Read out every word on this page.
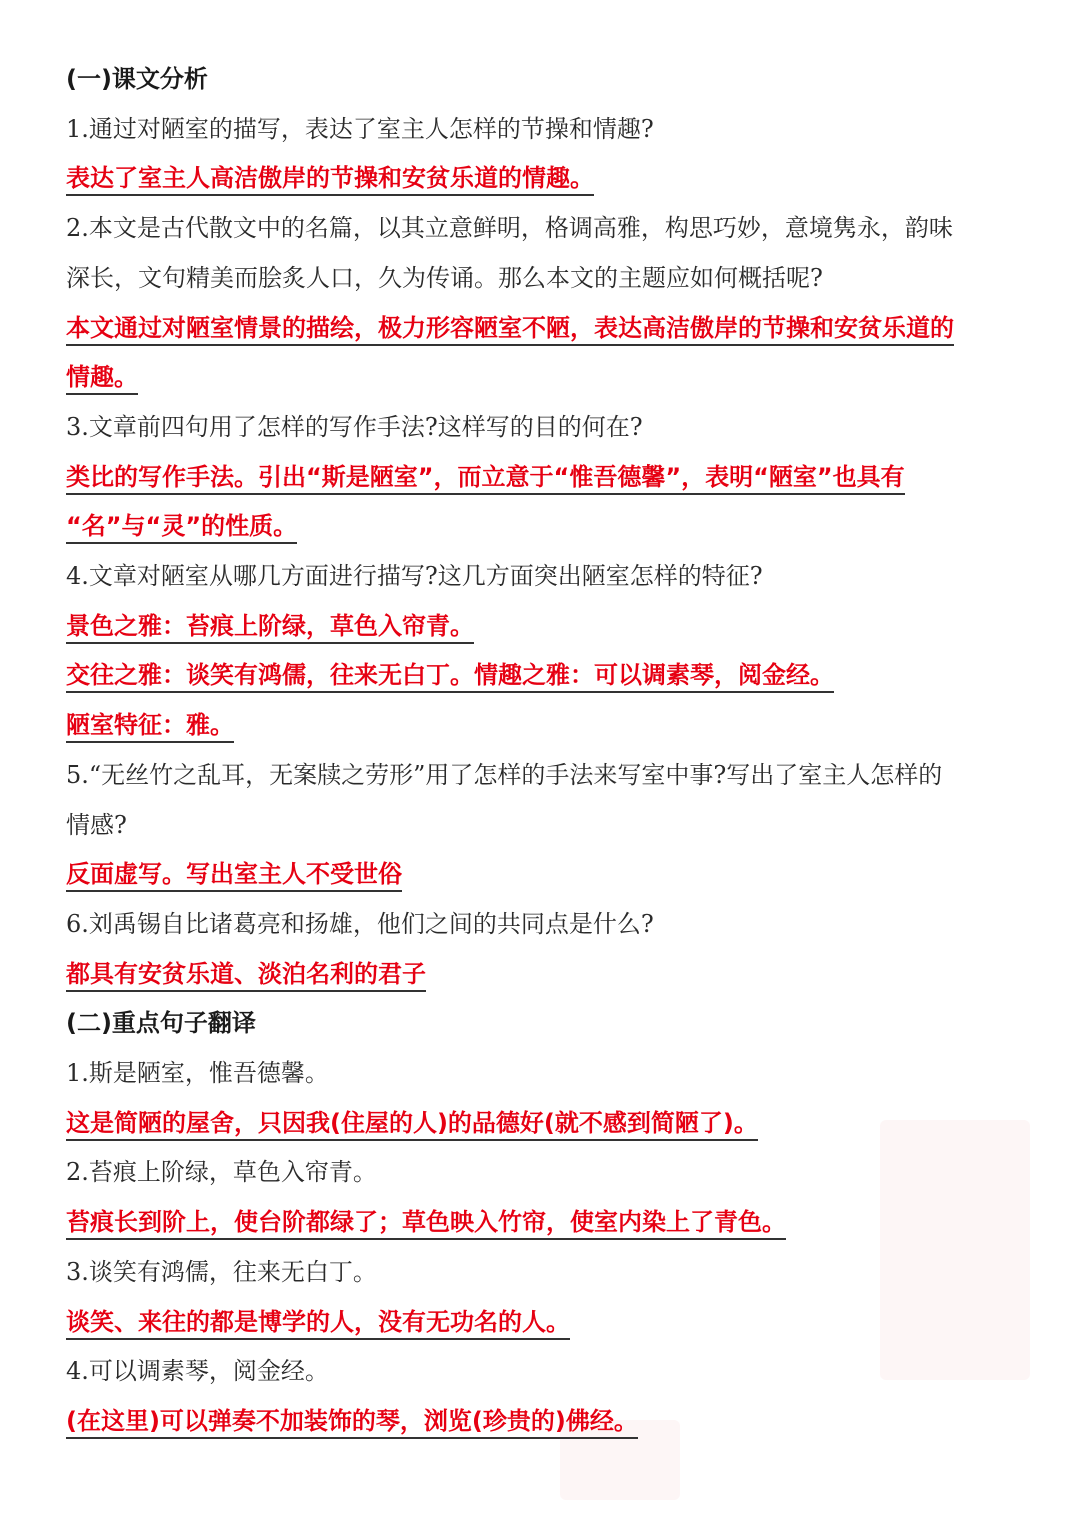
(一)课文分析
1.通过对陋室的描写，表达了室主人怎样的节操和情趣?
表达了室主人高洁傲岸的节操和安贫乐道的情趣。
2.本文是古代散文中的名篇，以其立意鲜明，格调高雅，构思巧妙，意境隽永，韵味
深长，文句精美而脍炙人口，久为传诵。那么本文的主题应如何概括呢?
本文通过对陋室情景的描绘，极力形容陋室不陋，表达高洁傲岸的节操和安贫乐道的
情趣。
3.文章前四句用了怎样的写作手法?这样写的目的何在?
类比的写作手法。引出“斯是陋室”，而立意于“惟吾德馨”，表明“陋室”也具有
“名”与“灵”的性质。
4.文章对陋室从哪几方面进行描写?这几方面突出陋室怎样的特征?
景色之雅：苔痕上阶绿，草色入帘青。
交往之雅：谈笑有鸿儒，往来无白丁。情趣之雅：可以调素琴，阅金经。
陋室特征：雅。
5.“无丝竹之乱耳，无案牍之劳形”用了怎样的手法来写室中事?写出了室主人怎样的
情感?
反面虚写。写出室主人不受世俗
6.刘禹锡自比诸葛亮和扬雄，他们之间的共同点是什么?
都具有安贫乐道、淡泊名利的君子
(二)重点句子翻译
1.斯是陋室，惟吾德馨。
这是简陋的屋舍，只因我(住屋的人)的品德好(就不感到简陋了)。
2.苔痕上阶绿，草色入帘青。
苔痕长到阶上，使台阶都绿了；草色映入竹帘，使室内染上了青色。
3.谈笑有鸿儒，往来无白丁。
谈笑、来往的都是博学的人，没有无功名的人。
4.可以调素琴，阅金经。
(在这里)可以弹奏不加装饰的琴，浏览(珍贵的)佛经。
